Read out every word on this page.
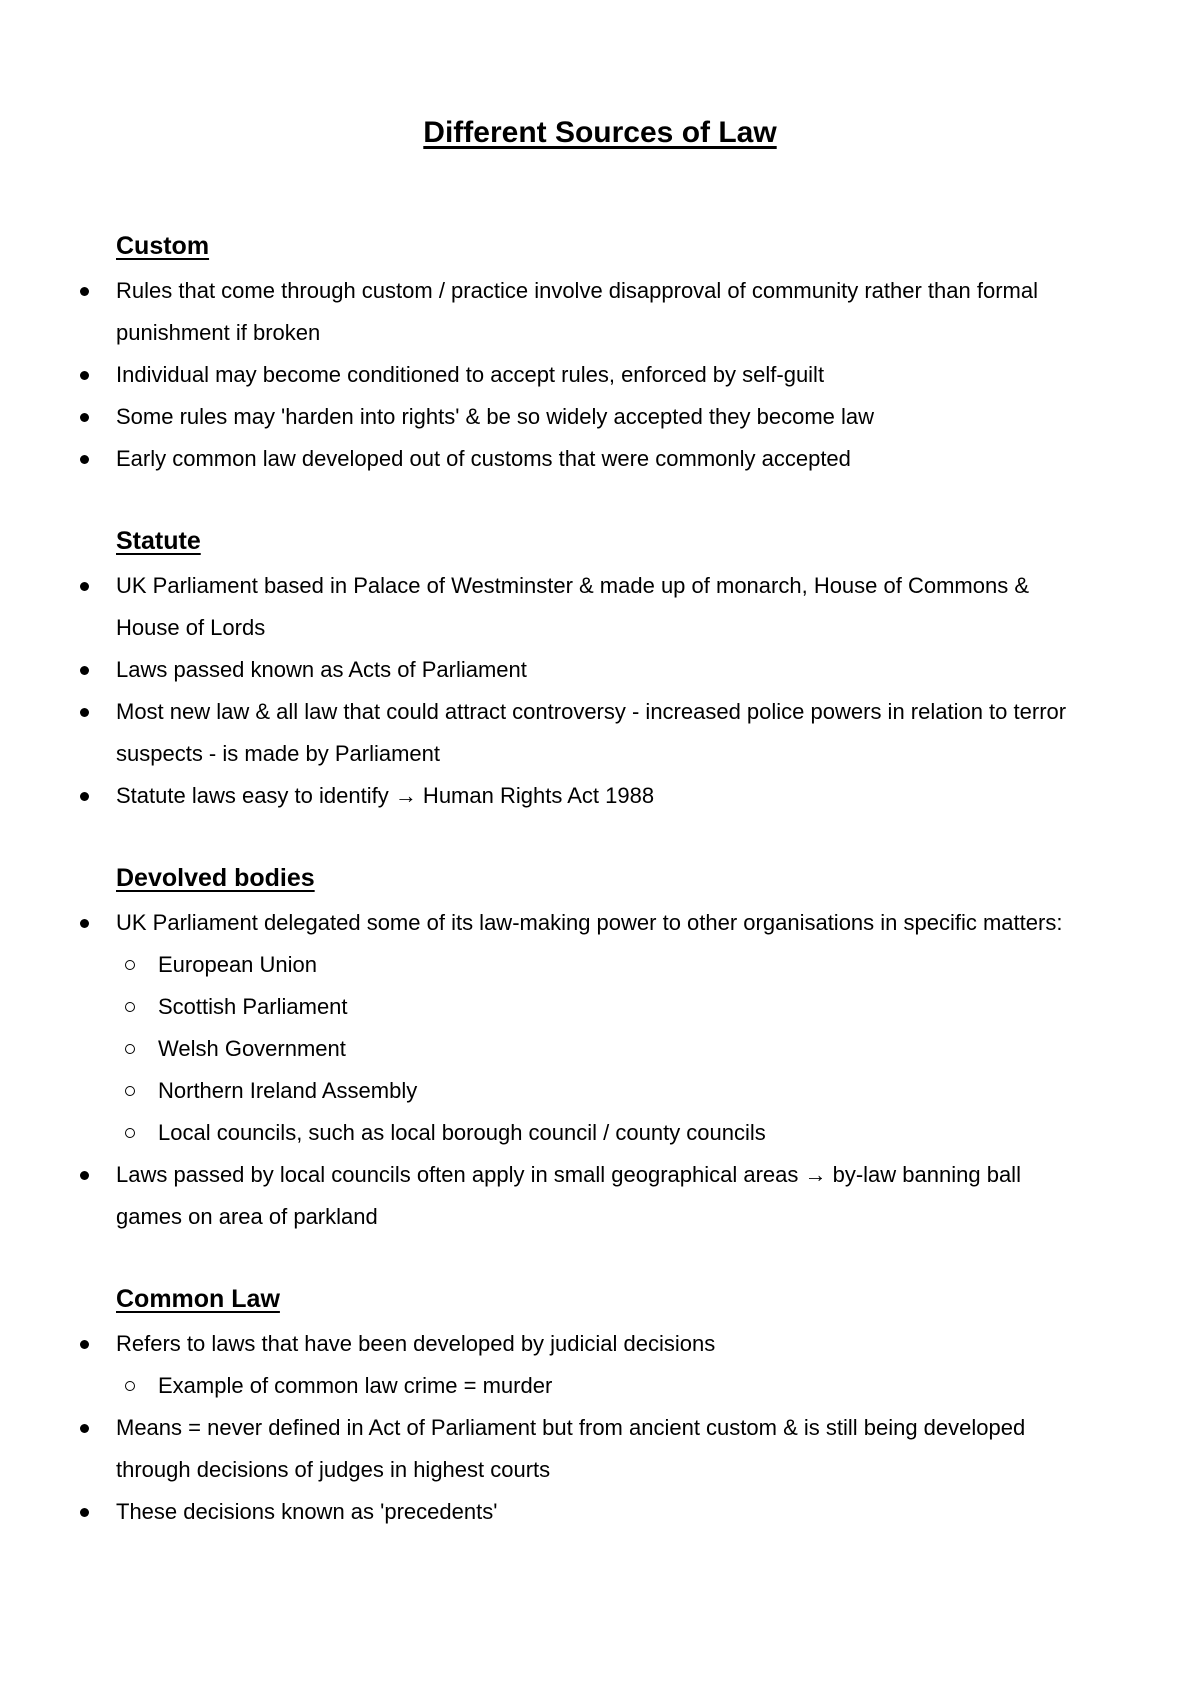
Different Sources of Law
Custom
Rules that come through custom / practice involve disapproval of community rather than formal punishment if broken
Individual may become conditioned to accept rules, enforced by self-guilt
Some rules may 'harden into rights' & be so widely accepted they become law
Early common law developed out of customs that were commonly accepted
Statute
UK Parliament based in Palace of Westminster & made up of monarch, House of Commons & House of Lords
Laws passed known as Acts of Parliament
Most new law & all law that could attract controversy - increased police powers in relation to terror suspects - is made by Parliament
Statute laws easy to identify → Human Rights Act 1988
Devolved bodies
UK Parliament delegated some of its law-making power to other organisations in specific matters:
European Union
Scottish Parliament
Welsh Government
Northern Ireland Assembly
Local councils, such as local borough council / county councils
Laws passed by local councils often apply in small geographical areas → by-law banning ball games on area of parkland
Common Law
Refers to laws that have been developed by judicial decisions
Example of common law crime = murder
Means = never defined in Act of Parliament but from ancient custom & is still being developed through decisions of judges in highest courts
These decisions known as 'precedents'
